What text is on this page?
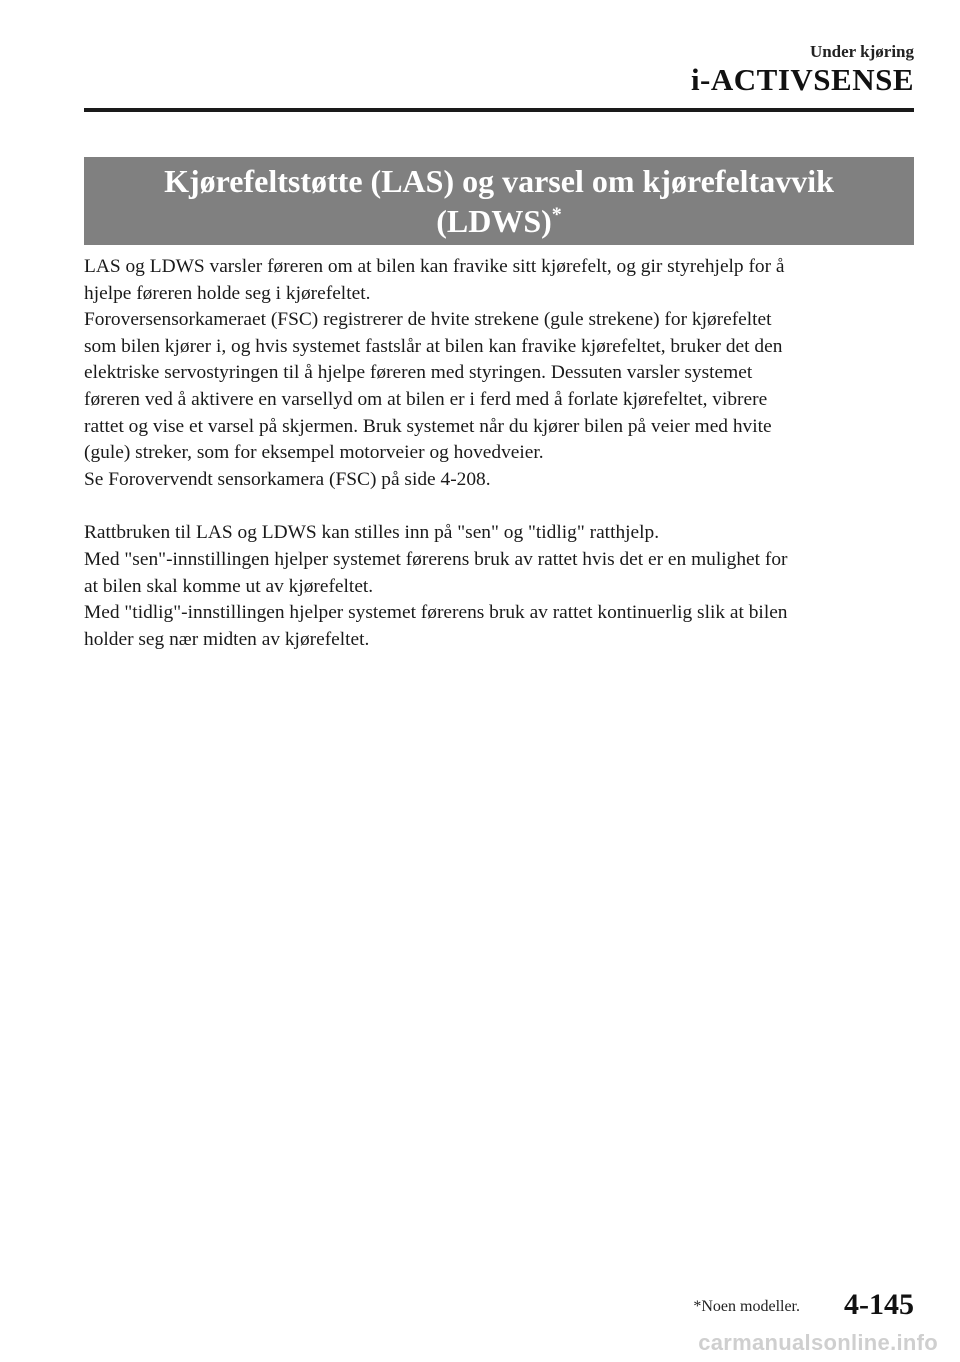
Under kjøring
i-ACTIVSENSE
Kjørefeltstøtte (LAS) og varsel om kjørefeltavvik
(LDWS)*

LAS og LDWS varsler føreren om at bilen kan fravike sitt kjørefelt, og gir styrehjelp for å

hjelpe føreren holde seg i kjørefeltet.

Foroversensorkameraet (FSC) registrerer de hvite strekene (gule strekene) for kjørefeltet

som bilen kjører i, og hvis systemet fastslår at bilen kan fravike kjørefeltet, bruker det den

elektriske servostyringen til å hjelpe føreren med styringen. Dessuten varsler systemet

føreren ved å aktivere en varsellyd om at bilen er i ferd med å forlate kjørefeltet, vibrere

rattet og vise et varsel på skjermen. Bruk systemet når du kjører bilen på veier med hvite

(gule) streker, som for eksempel motorveier og hovedveier.

Se Forovervendt sensorkamera (FSC) på side 4-208.

Rattbruken til LAS og LDWS kan stilles inn på "sen" og "tidlig" ratthjelp.

Med "sen"-innstillingen hjelper systemet førerens bruk av rattet hvis det er en mulighet for

at bilen skal komme ut av kjørefeltet.

Med "tidlig"-innstillingen hjelper systemet førerens bruk av rattet kontinuerlig slik at bilen

holder seg nær midten av kjørefeltet.

*Noen modeller. 4-145
carmanualsonline.info
